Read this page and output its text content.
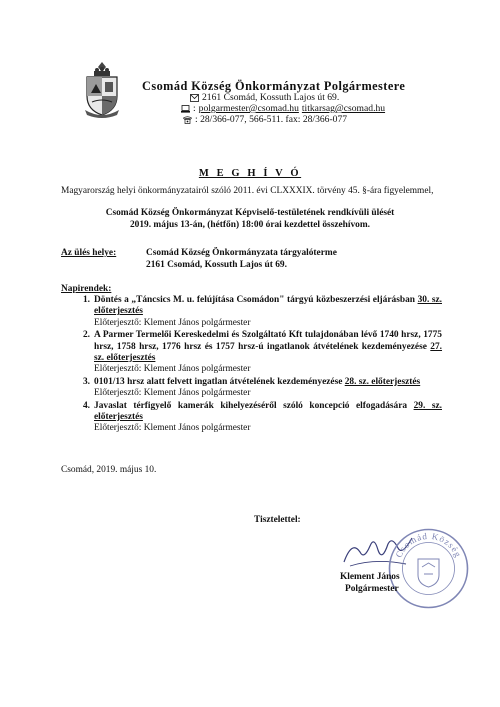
Csomád Község Önkormányzat Polgármestere
2161 Csomád, Kossuth Lajos út 69.
: polgarmester@csomad.hu titkarsag@csomad.hu
: 28/366-077, 566-511. fax: 28/366-077
M E G H Í V Ó
Magyarország helyi önkormányzatairól szóló 2011. évi CLXXXIX. törvény 45. §-ára figyelemmel,
Csomád Község Önkormányzat Képviselő-testületének rendkívüli ülését
2019. május 13-án, (hétfőn) 18:00 órai kezdettel összehívom.
Az ülés helye:	Csomád Község Önkormányzata tárgyalóterme
2161 Csomád, Kossuth Lajos út 69.
Napirendek:
1. Döntés a „Táncsics M. u. felújítása Csomádon" tárgyú közbeszerzési eljárásban 30. sz. előterjesztés
Előterjesztő: Klement János polgármester
2. A Parmer Termelői Kereskedelmi és Szolgáltató Kft tulajdonában lévő 1740 hrsz, 1775 hrsz, 1758 hrsz, 1776 hrsz és 1757 hrsz-ú ingatlanok átvételének kezdeményezése 27. sz. előterjesztés
Előterjesztő: Klement János polgármester
3. 0101/13 hrsz alatt felvett ingatlan átvételének kezdeményezése 28. sz. előterjesztés
Előterjesztő: Klement János polgármester
4. Javaslat térfigyelő kamerák kihelyezéséről szóló koncepció elfogadására 29. sz. előterjesztés
Előterjesztő: Klement János polgármester
Csomád, 2019. május 10.
Tisztelettel:
Csomád Község
Klement János
Polgármester
